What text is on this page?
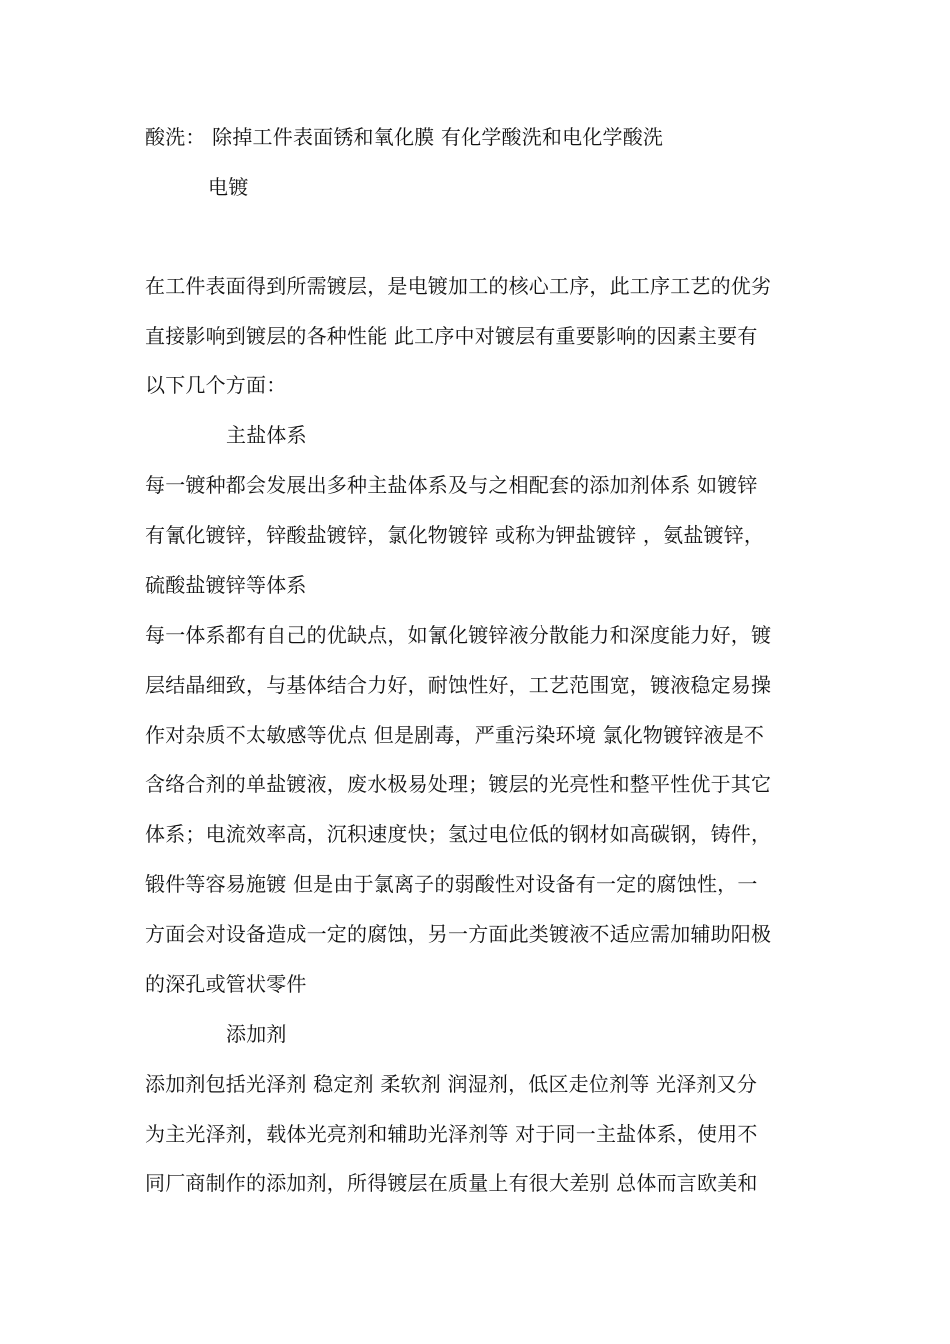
酸洗： 除掉工件表面锈和氧化膜 有化学酸洗和电化学酸洗
电镀
在工件表面得到所需镀层，是电镀加工的核心工序，此工序工艺的优劣
直接影响到镀层的各种性能 此工序中对镀层有重要影响的因素主要有
以下几个方面：
主盐体系
每一镀种都会发展出多种主盐体系及与之相配套的添加剂体系 如镀锌
有氰化镀锌，锌酸盐镀锌，氯化物镀锌 或称为钾盐镀锌 ，氨盐镀锌，
硫酸盐镀锌等体系
每一体系都有自己的优缺点，如氰化镀锌液分散能力和深度能力好，镀
层结晶细致，与基体结合力好，耐蚀性好，工艺范围宽，镀液稳定易操
作对杂质不太敏感等优点 但是剧毒，严重污染环境 氯化物镀锌液是不
含络合剂的单盐镀液，废水极易处理；镀层的光亮性和整平性优于其它
体系；电流效率高，沉积速度快；氢过电位低的钢材如高碳钢，铸件，
锻件等容易施镀 但是由于氯离子的弱酸性对设备有一定的腐蚀性，一
方面会对设备造成一定的腐蚀，另一方面此类镀液不适应需加辅助阳极
的深孔或管状零件
添加剂
添加剂包括光泽剂 稳定剂 柔软剂 润湿剂，低区走位剂等 光泽剂又分
为主光泽剂，载体光亮剂和辅助光泽剂等 对于同一主盐体系，使用不
同厂商制作的添加剂，所得镀层在质量上有很大差别 总体而言欧美和
